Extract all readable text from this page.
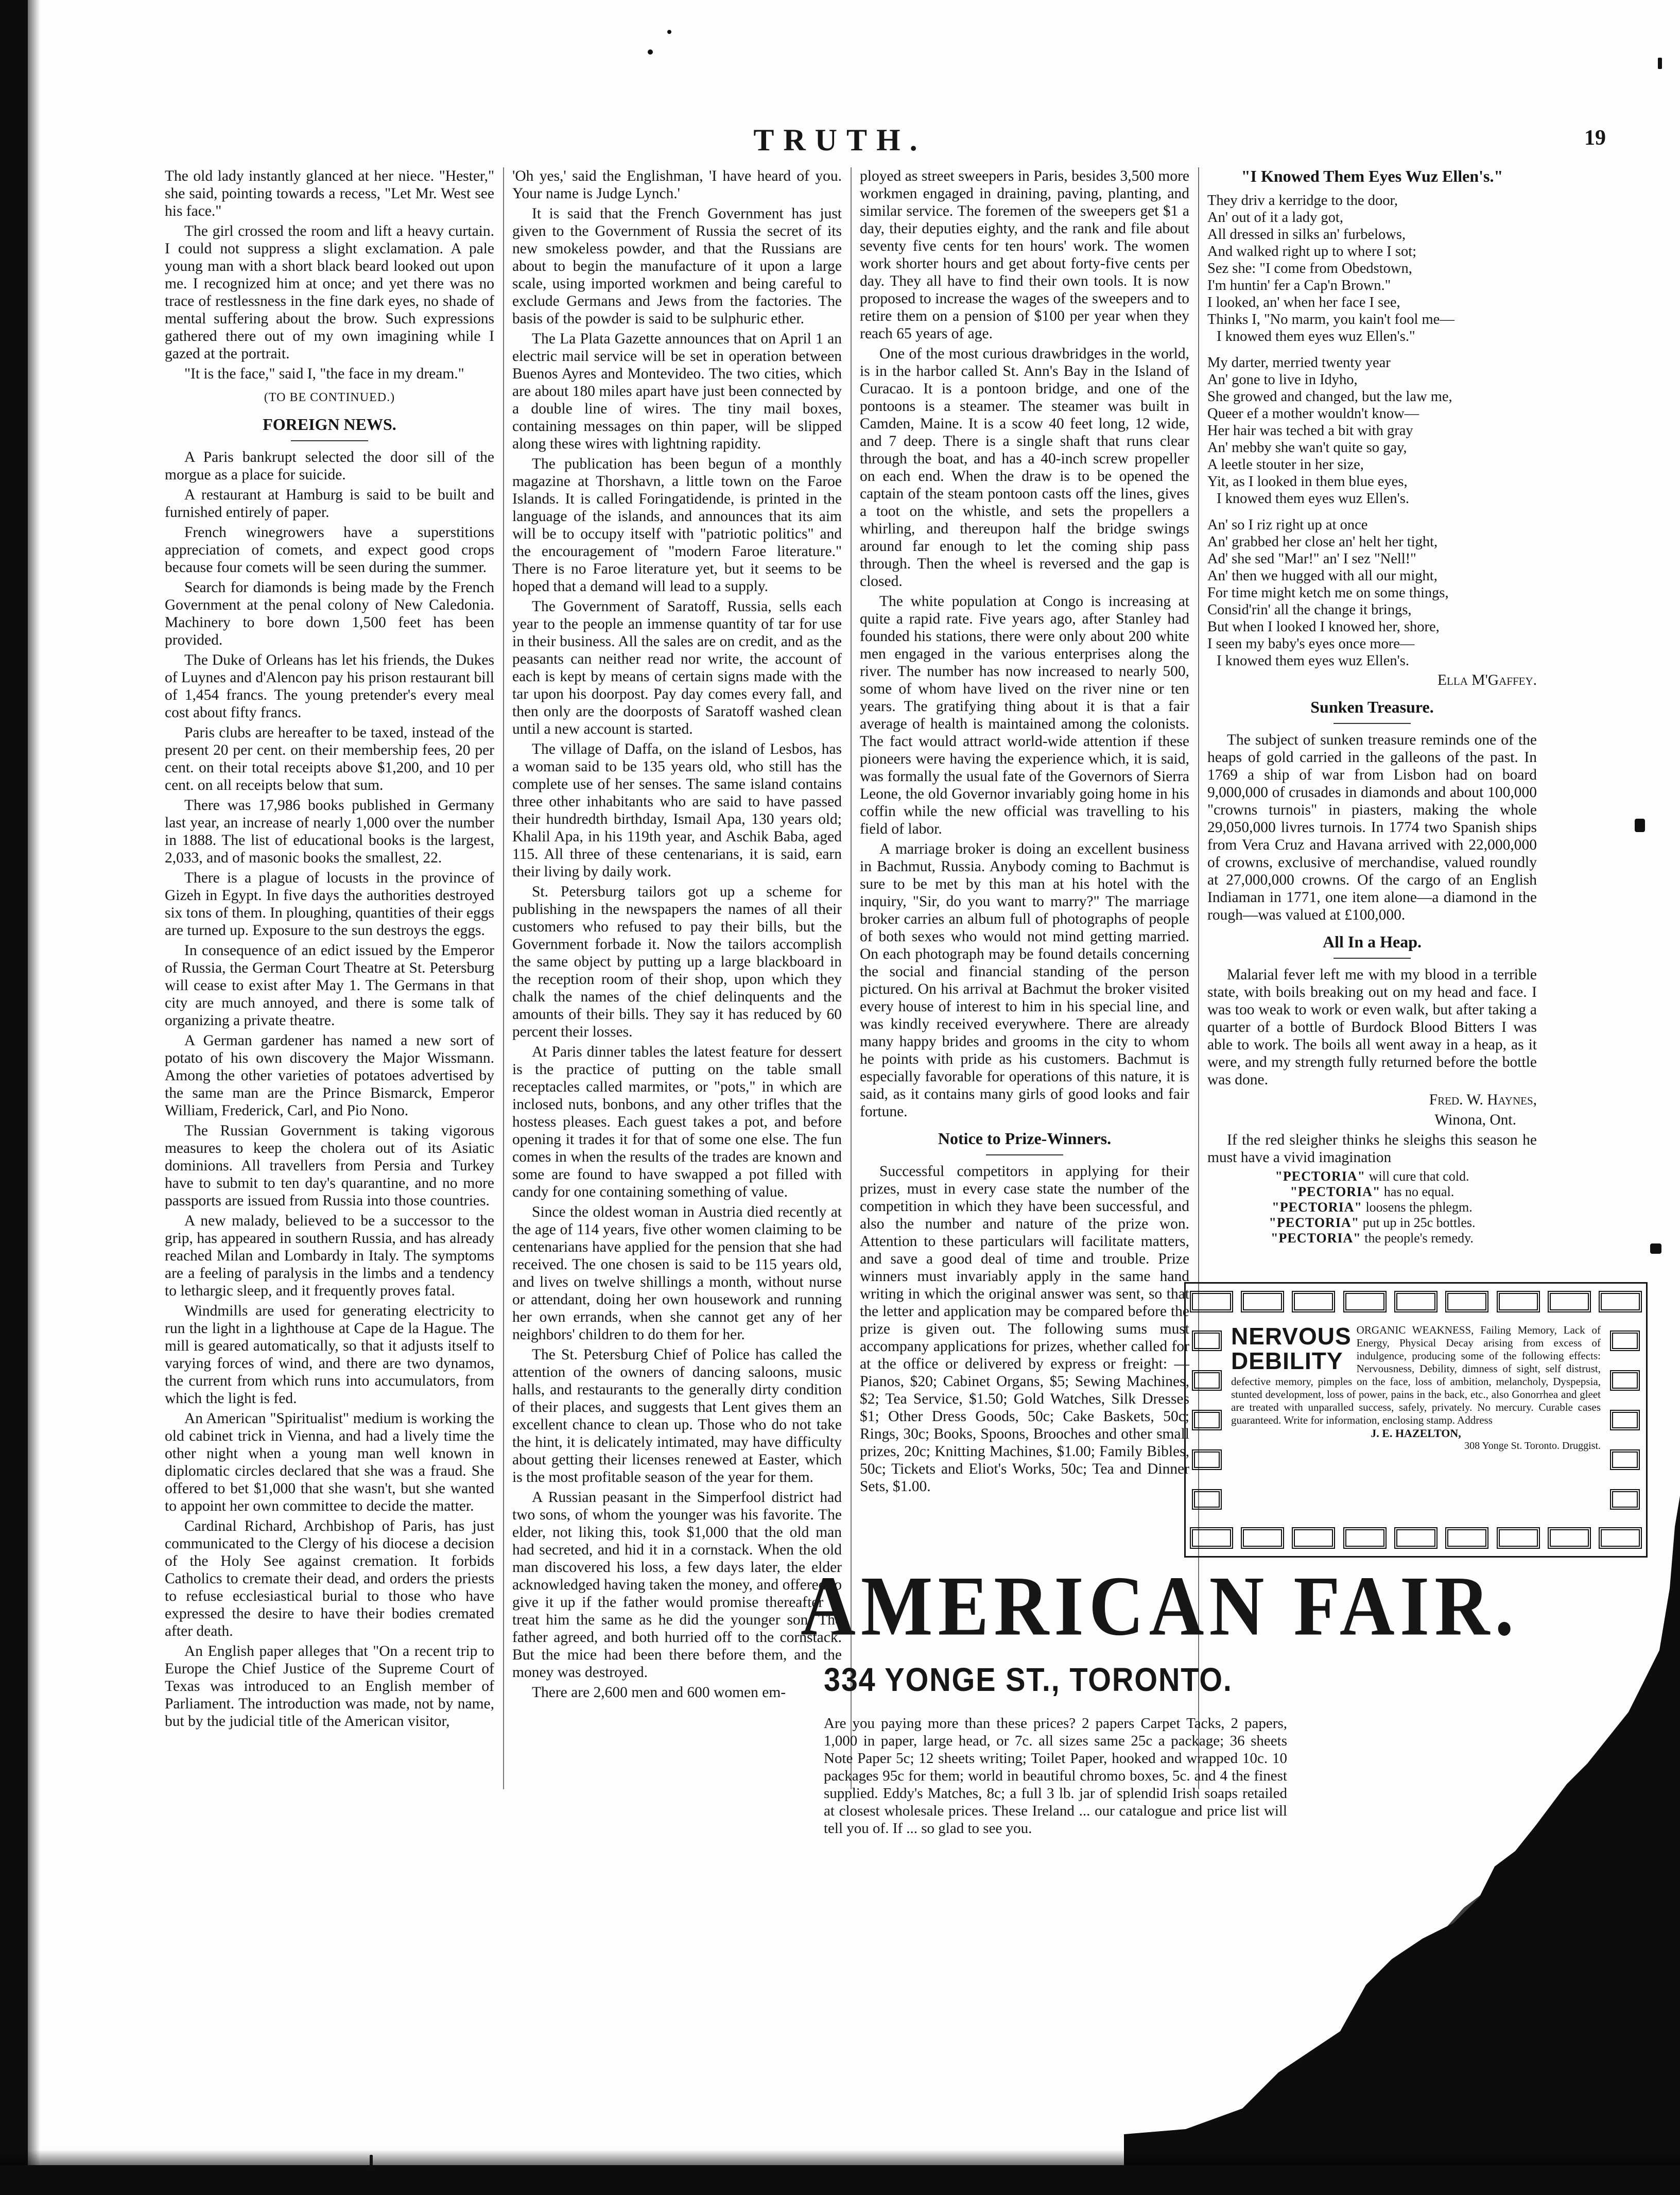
TRUTH.	19

The old lady instantly glanced at her niece. "Hester," she said, pointing towards a recess, "Let Mr. West see his face."

The girl crossed the room and lift a heavy curtain. I could not suppress a slight exclamation. A pale young man with a short black beard looked out upon me. I recognized him at once; and yet there was no trace of restlessness in the fine dark eyes, no shade of mental suffering about the brow. Such expressions gathered there out of my own imagining while I gazed at the portrait.

"It is the face," said I, "the face in my dream."

(TO BE CONTINUED.)
FOREIGN NEWS.

A Paris bankrupt selected the door sill of the morgue as a place for suicide.

A restaurant at Hamburg is said to be built and furnished entirely of paper.

French winegrowers have a superstitions appreciation of comets, and expect good crops because four comets will be seen during the summer.

Search for diamonds is being made by the French Government at the penal colony of New Caledonia. Machinery to bore down 1,500 feet has been provided.

The Duke of Orleans has let his friends, the Dukes of Luynes and d'Alencon pay his prison restaurant bill of 1,454 francs. The young pretender's every meal cost about fifty francs.

Paris clubs are hereafter to be taxed, instead of the present 20 per cent. on their membership fees, 20 per cent. on their total receipts above $1,200, and 10 per cent. on all receipts below that sum.

There was 17,986 books published in Germany last year, an increase of nearly 1,000 over the number in 1888. The list of educational books is the largest, 2,033, and of masonic books the smallest, 22.

There is a plague of locusts in the province of Gizeh in Egypt. In five days the authorities destroyed six tons of them. In ploughing, quantities of their eggs are turned up. Exposure to the sun destroys the eggs.

In consequence of an edict issued by the Emperor of Russia, the German Court Theatre at St. Petersburg will cease to exist after May 1. The Germans in that city are much annoyed, and there is some talk of organizing a private theatre.

A German gardener has named a new sort of potato of his own discovery the Major Wissmann. Among the other varieties of potatoes advertised by the same man are the Prince Bismarck, Emperor William, Frederick, Carl, and Pio Nono.

The Russian Government is taking vigorous measures to keep the cholera out of its Asiatic dominions. All travellers from Persia and Turkey have to submit to ten day's quarantine, and no more passports are issued from Russia into those countries.

A new malady, believed to be a successor to the grip, has appeared in southern Russia, and has already reached Milan and Lombardy in Italy. The symptoms are a feeling of paralysis in the limbs and a tendency to lethargic sleep, and it frequently proves fatal.

Windmills are used for generating electricity to run the light in a lighthouse at Cape de la Hague. The mill is geared automatically, so that it adjusts itself to varying forces of wind, and there are two dynamos, the current from which runs into accumulators, from which the light is fed.

An American "Spiritualist" medium is working the old cabinet trick in Vienna, and had a lively time the other night when a young man well known in diplomatic circles declared that she was a fraud. She offered to bet $1,000 that she wasn't, but she wanted to appoint her own committee to decide the matter.

Cardinal Richard, Archbishop of Paris, has just communicated to the Clergy of his diocese a decision of the Holy See against cremation. It forbids Catholics to cremate their dead, and orders the priests to refuse ecclesiastical burial to those who have expressed the desire to have their bodies cremated after death.

An English paper alleges that "On a recent trip to Europe the Chief Justice of the Supreme Court of Texas was introduced to an English member of Parliament. The introduction was made, not by name, but by the judicial title of the American visitor,

'Oh yes,' said the Englishman, 'I have heard of you. Your name is Judge Lynch.'

It is said that the French Government has just given to the Government of Russia the secret of its new smokeless powder, and that the Russians are about to begin the manufacture of it upon a large scale, using imported workmen and being careful to exclude Germans and Jews from the factories. The basis of the powder is said to be sulphuric ether.

The La Plata Gazette announces that on April 1 an electric mail service will be set in operation between Buenos Ayres and Montevideo. The two cities, which are about 180 miles apart have just been connected by a double line of wires. The tiny mail boxes, containing messages on thin paper, will be slipped along these wires with lightning rapidity.

The publication has been begun of a monthly magazine at Thorshavn, a little town on the Faroe Islands. It is called Foringatidende, is printed in the language of the islands, and announces that its aim will be to occupy itself with "patriotic politics" and the encouragement of "modern Faroe literature." There is no Faroe literature yet, but it seems to be hoped that a demand will lead to a supply.

The Government of Saratoff, Russia, sells each year to the people an immense quantity of tar for use in their business. All the sales are on credit, and as the peasants can neither read nor write, the account of each is kept by means of certain signs made with the tar upon his doorpost. Pay day comes every fall, and then only are the doorposts of Saratoff washed clean until a new account is started.

The village of Daffa, on the island of Lesbos, has a woman said to be 135 years old, who still has the complete use of her senses. The same island contains three other inhabitants who are said to have passed their hundredth birthday, Ismail Apa, 130 years old; Khalil Apa, in his 119th year, and Aschik Baba, aged 115. All three of these centenarians, it is said, earn their living by daily work.

St. Petersburg tailors got up a scheme for publishing in the newspapers the names of all their customers who refused to pay their bills, but the Government forbade it. Now the tailors accomplish the same object by putting up a large blackboard in the reception room of their shop, upon which they chalk the names of the chief delinquents and the amounts of their bills. They say it has reduced by 60 percent their losses.

At Paris dinner tables the latest feature for dessert is the practice of putting on the table small receptacles called marmites, or "pots," in which are inclosed nuts, bonbons, and any other trifles that the hostess pleases. Each guest takes a pot, and before opening it trades it for that of some one else. The fun comes in when the results of the trades are known and some are found to have swapped a pot filled with candy for one containing something of value.

Since the oldest woman in Austria died recently at the age of 114 years, five other women claiming to be centenarians have applied for the pension that she had received. The one chosen is said to be 115 years old, and lives on twelve shillings a month, without nurse or attendant, doing her own housework and running her own errands, when she cannot get any of her neighbors' children to do them for her.

The St. Petersburg Chief of Police has called the attention of the owners of dancing saloons, music halls, and restaurants to the generally dirty condition of their places, and suggests that Lent gives them an excellent chance to clean up. Those who do not take the hint, it is delicately intimated, may have difficulty about getting their licenses renewed at Easter, which is the most profitable season of the year for them.

A Russian peasant in the Simperfool district had two sons, of whom the younger was his favorite. The elder, not liking this, took $1,000 that the old man had secreted, and hid it in a cornstack. When the old man discovered his loss, a few days later, the elder acknowledged having taken the money, and offered to give it up if the father would promise thereafter to treat him the same as he did the younger son. The father agreed, and both hurried off to the cornstack. But the mice had been there before them, and the money was destroyed.

There are 2,600 men and 600 women em-

ployed as street sweepers in Paris, besides 3,500 more workmen engaged in draining, paving, planting, and similar service. The foremen of the sweepers get $1 a day, their deputies eighty, and the rank and file about seventy five cents for ten hours' work. The women work shorter hours and get about forty-five cents per day. They all have to find their own tools. It is now proposed to increase the wages of the sweepers and to retire them on a pension of $100 per year when they reach 65 years of age.

One of the most curious drawbridges in the world, is in the harbor called St. Ann's Bay in the Island of Curacao. It is a pontoon bridge, and one of the pontoons is a steamer. The steamer was built in Camden, Maine. It is a scow 40 feet long, 12 wide, and 7 deep. There is a single shaft that runs clear through the boat, and has a 40-inch screw propeller on each end. When the draw is to be opened the captain of the steam pontoon casts off the lines, gives a toot on the whistle, and sets the propellers a whirling, and thereupon half the bridge swings around far enough to let the coming ship pass through. Then the wheel is reversed and the gap is closed.

The white population at Congo is increasing at quite a rapid rate. Five years ago, after Stanley had founded his stations, there were only about 200 white men engaged in the various enterprises along the river. The number has now increased to nearly 500, some of whom have lived on the river nine or ten years. The gratifying thing about it is that a fair average of health is maintained among the colonists. The fact would attract world-wide attention if these pioneers were having the experience which, it is said, was formally the usual fate of the Governors of Sierra Leone, the old Governor invariably going home in his coffin while the new official was travelling to his field of labor.

A marriage broker is doing an excellent business in Bachmut, Russia. Anybody coming to Bachmut is sure to be met by this man at his hotel with the inquiry, "Sir, do you want to marry?" The marriage broker carries an album full of photographs of people of both sexes who would not mind getting married. On each photograph may be found details concerning the social and financial standing of the person pictured. On his arrival at Bachmut the broker visited every house of interest to him in his special line, and was kindly received everywhere. There are already many happy brides and grooms in the city to whom he points with pride as his customers. Bachmut is especially favorable for operations of this nature, it is said, as it contains many girls of good looks and fair fortune.

Notice to Prize-Winners.

Successful competitors in applying for their prizes, must in every case state the number of the competition in which they have been successful, and also the number and nature of the prize won. Attention to these particulars will facilitate matters, and save a good deal of time and trouble. Prize winners must invariably apply in the same hand writing in which the original answer was sent, so that the letter and application may be compared before the prize is given out. The following sums must accompany applications for prizes, whether called for at the office or delivered by express or freight: —Pianos, $20; Cabinet Organs, $5; Sewing Machines, $2; Tea Service, $1.50; Gold Watches, Silk Dresses $1; Other Dress Goods, 50c; Cake Baskets, 50c; Rings, 30c; Books, Spoons, Brooches and other small prizes, 20c; Knitting Machines, $1.00; Family Bibles, 50c; Tickets and Eliot's Works, 50c; Tea and Dinner Sets, $1.00.

"I Knowed Them Eyes Wuz Ellen's."
They driv a kerridge to the door,
An' out of it a lady got,
All dressed in silks an' furbelows,
And walked right up to where I sot;
Sez she: "I come from Obedstown,
I'm huntin' fer a Cap'n Brown."
I looked, an' when her face I see,
Thinks I, "No marm, you kain't fool me—
I knowed them eyes wuz Ellen's."
My darter, merried twenty year
An' gone to live in Idyho,
She growed and changed, but the law me,
Queer ef a mother wouldn't know—
Her hair was teched a bit with gray
An' mebby she wan't quite so gay,
A leetle stouter in her size,
Yit, as I looked in them blue eyes,
I knowed them eyes wuz Ellen's.
An' so I riz right up at once
An' grabbed her close an' helt her tight,
Ad' she sed "Mar!" an' I sez "Nell!"
An' then we hugged with all our might,
For time might ketch me on some things,
Consid'rin' all the change it brings,
But when I looked I knowed her, shore,
I seen my baby's eyes once more—
I knowed them eyes wuz Ellen's.

Ella M'Gaffey.

Sunken Treasure.

The subject of sunken treasure reminds one of the heaps of gold carried in the galleons of the past. In 1769 a ship of war from Lisbon had on board 9,000,000 of crusades in diamonds and about 100,000 "crowns turnois" in piasters, making the whole 29,050,000 livres turnois. In 1774 two Spanish ships from Vera Cruz and Havana arrived with 22,000,000 of crowns, exclusive of merchandise, valued roundly at 27,000,000 crowns. Of the cargo of an English Indiaman in 1771, one item alone—a diamond in the rough—was valued at £100,000.

All In a Heap.

Malarial fever left me with my blood in a terrible state, with boils breaking out on my head and face. I was too weak to work or even walk, but after taking a quarter of a bottle of Burdock Blood Bitters I was able to work. The boils all went away in a heap, as it were, and my strength fully returned before the bottle was done.

Fred. W. Haynes,

Winona, Ont.

If the red sleigher thinks he sleighs this season he must have a vivid imagination

"PECTORIA" will cure that cold.
"PECTORIA" has no equal.
"PECTORIA" loosens the phlegm.
"PECTORIA" put up in 25c bottles.
"PECTORIA" the people's remedy.
NERVOUS
DEBILITY
ORGANIC WEAKNESS, Failing Memory, Lack of Energy, Physical Decay arising from excess of indulgence, producing some of the following effects: Nervousness, Debility, dimness of sight, self distrust, defective memory, pimples on the face, loss of ambition, melancholy, Dyspepsia, stunted development, loss of power, pains in the back, etc., also Gonorrhea and gleet are treated with unparalled success, safely, privately. No mercury. Curable cases guaranteed. Write for information, enclosing stamp. Address
J. E. HAZELTON,
308 Yonge St. Toronto. Druggist.
AMERICAN FAIR.
334 YONGE ST., TORONTO.
Are you paying more than these prices? 2 papers Carpet Tacks, 2 papers, 1,000 in paper, large head, or 7c. all sizes same 25c a package; 36 sheets Note Paper 5c; 12 sheets writing; Toilet Paper, hooked and wrapped 10c. 10 packages 95c for them; world in beautiful chromo boxes, 5c. and 4 the finest supplied. Eddy's Matches, 8c; a full 3 lb. jar of splendid Irish soaps retailed at closest wholesale prices. These Ireland ... our catalogue and price list will tell you of. If ... so glad to see you.
Ireland
W
